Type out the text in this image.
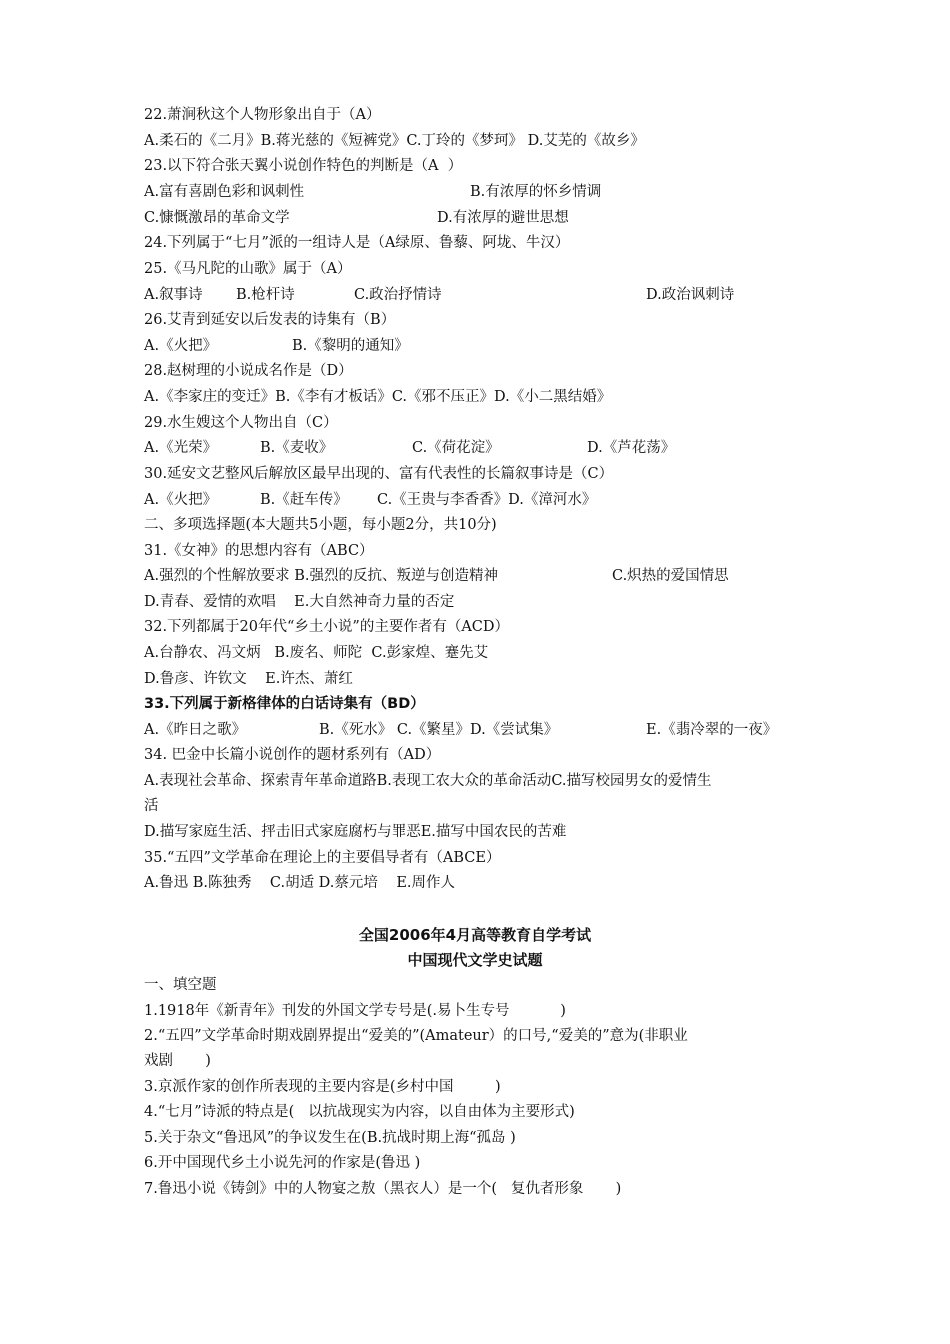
22.萧涧秋这个人物形象出自于（A）
A.柔石的《二月》B.蒋光慈的《短裤党》C.丁玲的《梦珂》 D.艾芜的《故乡》
23.以下符合张天翼小说创作特色的判断是（A  ）

A.富有喜剧色彩和讽刺性

	B.有浓厚的怀乡情调

C.慷慨激昂的革命文学

	D.有浓厚的避世思想

24.下列属于“七月”派的一组诗人是（A绿原、鲁藜、阿垅、牛汉）
25.《马凡陀的山歌》属于（A）

A.叙事诗

B.枪杆诗

	C.政治抒情诗

	D.政治讽刺诗

26.艾青到延安以后发表的诗集有（B）

A.《火把》

	B.《黎明的通知》

28.赵树理的小说成名作是（D）
A.《李家庄的变迁》B.《李有才板话》C.《邪不压正》D.《小二黑结婚》
29.水生嫂这个人物出自（C）

A.《光荣》

	B.《麦收》

	C.《荷花淀》

	D.《芦花荡》

30.延安文艺整风后解放区最早出现的、富有代表性的长篇叙事诗是（C）

A.《火把》

	B.《赶车传》

C.《王贵与李香香》D.《漳河水》

二、多项选择题(本大题共5小题，每小题2分，共10分)
31.《女神》的思想内容有（ABC）

A.强烈的个性解放要求 B.强烈的反抗、叛逆与创造精神

	C.炽热的爱国情思

D.青春、爱情的欢唱    E.大自然神奇力量的否定
32.下列都属于20年代“乡土小说”的主要作者有（ACD）
A.台静农、冯文炳   B.废名、师陀  C.彭家煌、蹇先艾
D.鲁彦、许钦文    E.许杰、萧红
33.下列属于新格律体的白话诗集有（BD）

A.《昨日之歌》

	B.《死水》 C.《繁星》D.《尝试集》

	E.《翡冷翠的一夜》

34. 巴金中长篇小说创作的题材系列有（AD）
A.表现社会革命、探索青年革命道路B.表现工农大众的革命活动C.描写校园男女的爱情生
活
D.描写家庭生活、抨击旧式家庭腐朽与罪恶E.描写中国农民的苦难
35.“五四”文学革命在理论上的主要倡导者有（ABCE）
A.鲁迅 B.陈独秀    C.胡适 D.蔡元培    E.周作人
全国2006年4月高等教育自学考试
中国现代文学史试题
一、填空题
1.1918年《新青年》刊发的外国文学专号是(.易卜生专号           )
2.“五四”文学革命时期戏剧界提出“爱美的”(Amateur）的口号,“爱美的”意为(非职业
戏剧       )
3.京派作家的创作所表现的主要内容是(乡村中国         )
4.“七月”诗派的特点是(   以抗战现实为内容，以自由体为主要形式)
5.关于杂文“鲁迅风”的争议发生在(B.抗战时期上海“孤岛 )
6.开中国现代乡土小说先河的作家是(鲁迅 )
7.鲁迅小说《铸剑》中的人物宴之敖（黑衣人）是一个(   复仇者形象       )
